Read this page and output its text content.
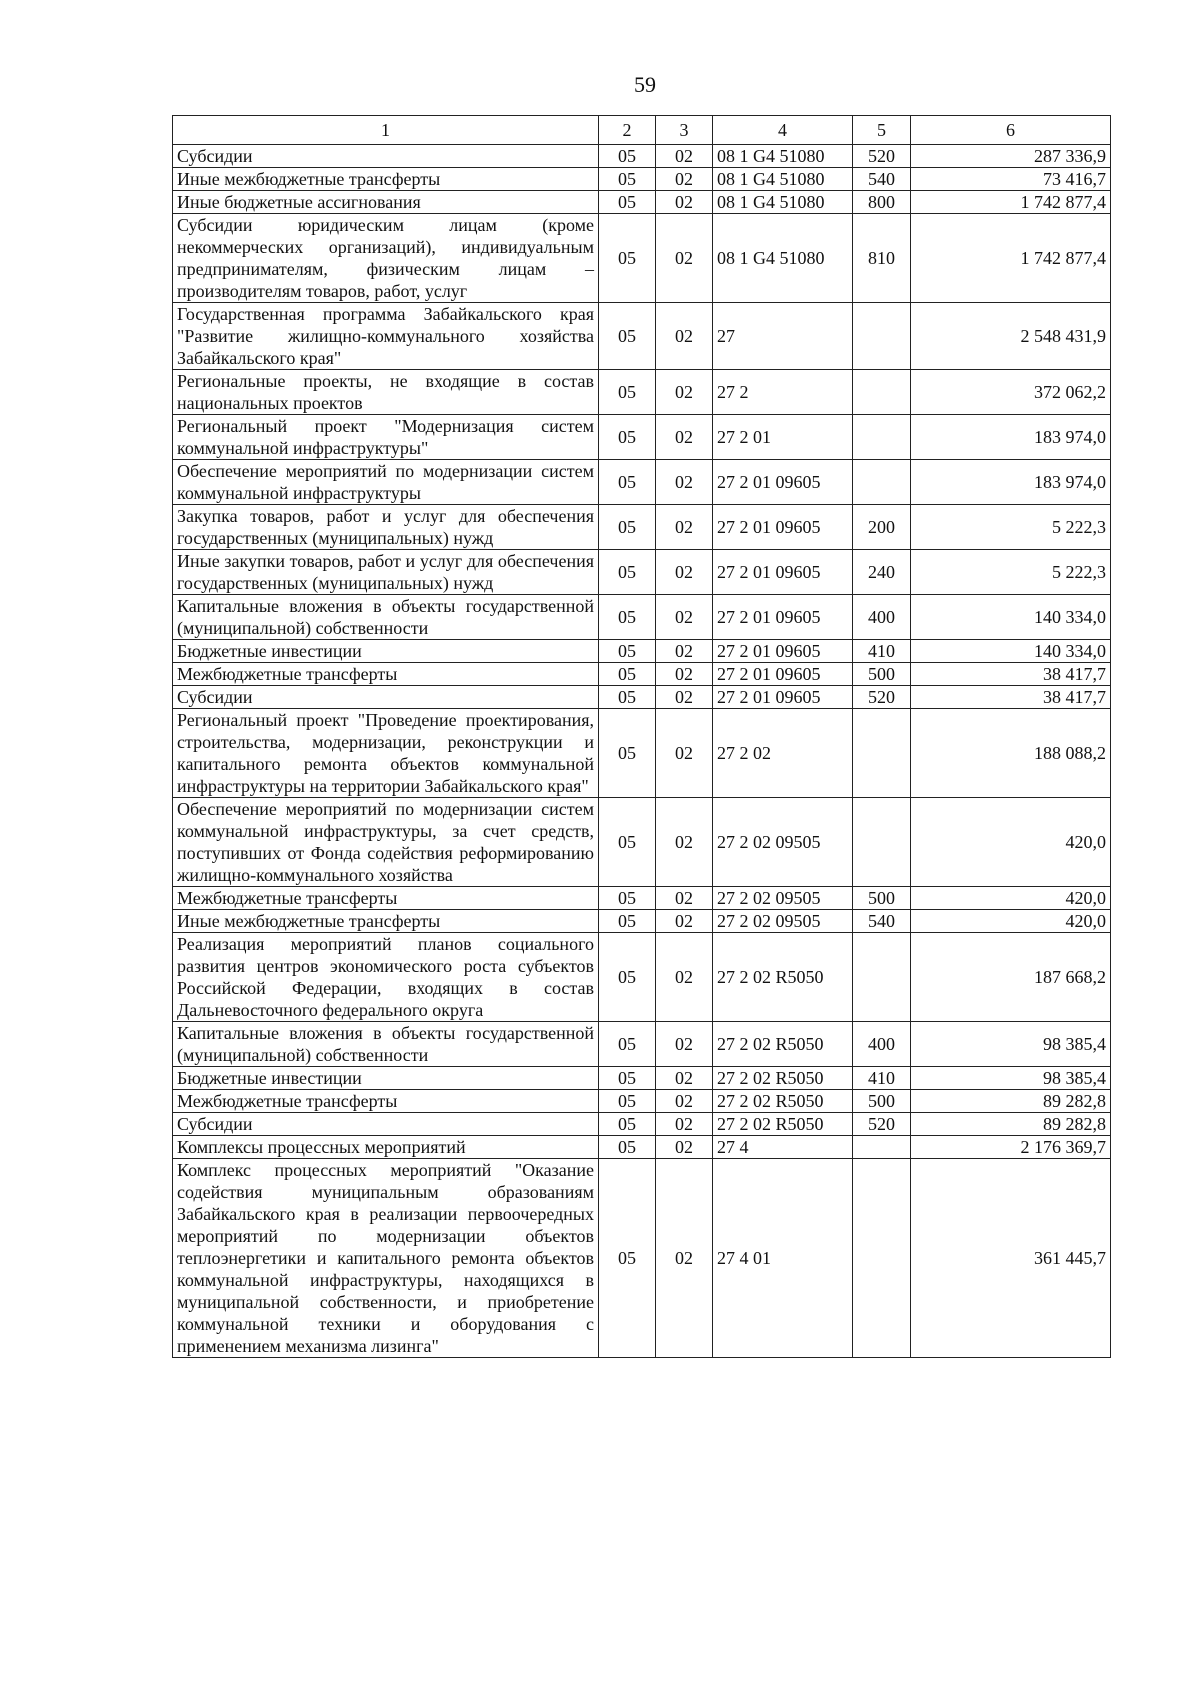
59
1	2	3	4	5	6
Субсидии	05	02	08 1 G4 51080	520	287 336,9
Иные межбюджетные трансферты	05	02	08 1 G4 51080	540	73 416,7
Иные бюджетные ассигнования	05	02	08 1 G4 51080	800	1 742 877,4
Субсидии юридическим лицам (кроме некоммерческих организаций), индивидуальным предпринимателям, физическим лицам – производителям товаров, работ, услуг	05	02	08 1 G4 51080	810	1 742 877,4
Государственная программа Забайкальского края "Развитие жилищно-коммунального хозяйства Забайкальского края"	05	02	27		2 548 431,9
Региональные проекты, не входящие в состав национальных проектов	05	02	27 2		372 062,2
Региональный проект "Модернизация систем коммунальной инфраструктуры"	05	02	27 2 01		183 974,0
Обеспечение мероприятий по модернизации систем коммунальной инфраструктуры	05	02	27 2 01 09605		183 974,0
Закупка товаров, работ и услуг для обеспечения государственных (муниципальных) нужд	05	02	27 2 01 09605	200	5 222,3
Иные закупки товаров, работ и услуг для обеспечения государственных (муниципальных) нужд	05	02	27 2 01 09605	240	5 222,3
Капитальные вложения в объекты государственной (муниципальной) собственности	05	02	27 2 01 09605	400	140 334,0
Бюджетные инвестиции	05	02	27 2 01 09605	410	140 334,0
Межбюджетные трансферты	05	02	27 2 01 09605	500	38 417,7
Субсидии	05	02	27 2 01 09605	520	38 417,7
Региональный проект "Проведение проектирования, строительства, модернизации, реконструкции и капитального ремонта объектов коммунальной инфраструктуры на территории Забайкальского края"	05	02	27 2 02		188 088,2
Обеспечение мероприятий по модернизации систем коммунальной инфраструктуры, за счет средств, поступивших от Фонда содействия реформированию жилищно-коммунального хозяйства	05	02	27 2 02 09505		420,0
Межбюджетные трансферты	05	02	27 2 02 09505	500	420,0
Иные межбюджетные трансферты	05	02	27 2 02 09505	540	420,0
Реализация мероприятий планов социального развития центров экономического роста субъектов Российской Федерации, входящих в состав Дальневосточного федерального округа	05	02	27 2 02 R5050		187 668,2
Капитальные вложения в объекты государственной (муниципальной) собственности	05	02	27 2 02 R5050	400	98 385,4
Бюджетные инвестиции	05	02	27 2 02 R5050	410	98 385,4
Межбюджетные трансферты	05	02	27 2 02 R5050	500	89 282,8
Субсидии	05	02	27 2 02 R5050	520	89 282,8
Комплексы процессных мероприятий	05	02	27 4		2 176 369,7
Комплекс процессных мероприятий "Оказание содействия муниципальным образованиям Забайкальского края в реализации первоочередных мероприятий по модернизации объектов теплоэнергетики и капитального ремонта объектов коммунальной инфраструктуры, находящихся в муниципальной собственности, и приобретение коммунальной техники и оборудования с применением механизма лизинга"	05	02	27 4 01		361 445,7
